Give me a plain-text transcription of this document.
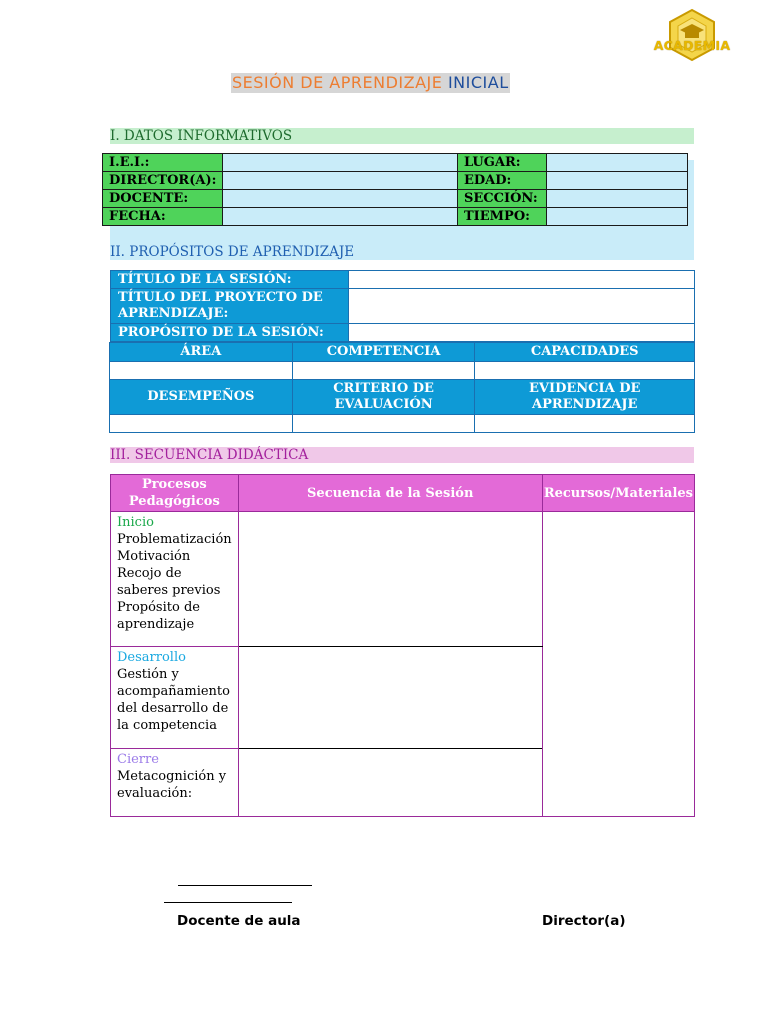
ACADEMIA
SESIÓN DE APRENDIZAJE INICIAL
I. DATOS INFORMATIVOS
I.E.I.:		LUGAR:	
DIRECTOR(A):		EDAD:	
DOCENTE:		SECCIÓN:	
FECHA:		TIEMPO:	
II. PROPÓSITOS DE APRENDIZAJE
TÍTULO DE LA SESIÓN:	
TÍTULO DEL PROYECTO DE APRENDIZAJE:	
PROPÓSITO DE LA SESIÓN:	
ÁREA	COMPETENCIA	CAPACIDADES

DESEMPEÑOS	CRITERIO DE EVALUACIÓN	EVIDENCIA DE APRENDIZAJE

III. SECUENCIA DIDÁCTICA
Procesos Pedagógicos	Secuencia de la Sesión	Recursos/Materiales

Inicio
Problematización
Motivación
Recojo de saberes previos
Propósito de aprendizaje		

Desarrollo
Gestión y acompañamiento del desarrollo de la competencia		

Cierre
Metacognición y evaluación:		

Docente de aula	Director(a)
